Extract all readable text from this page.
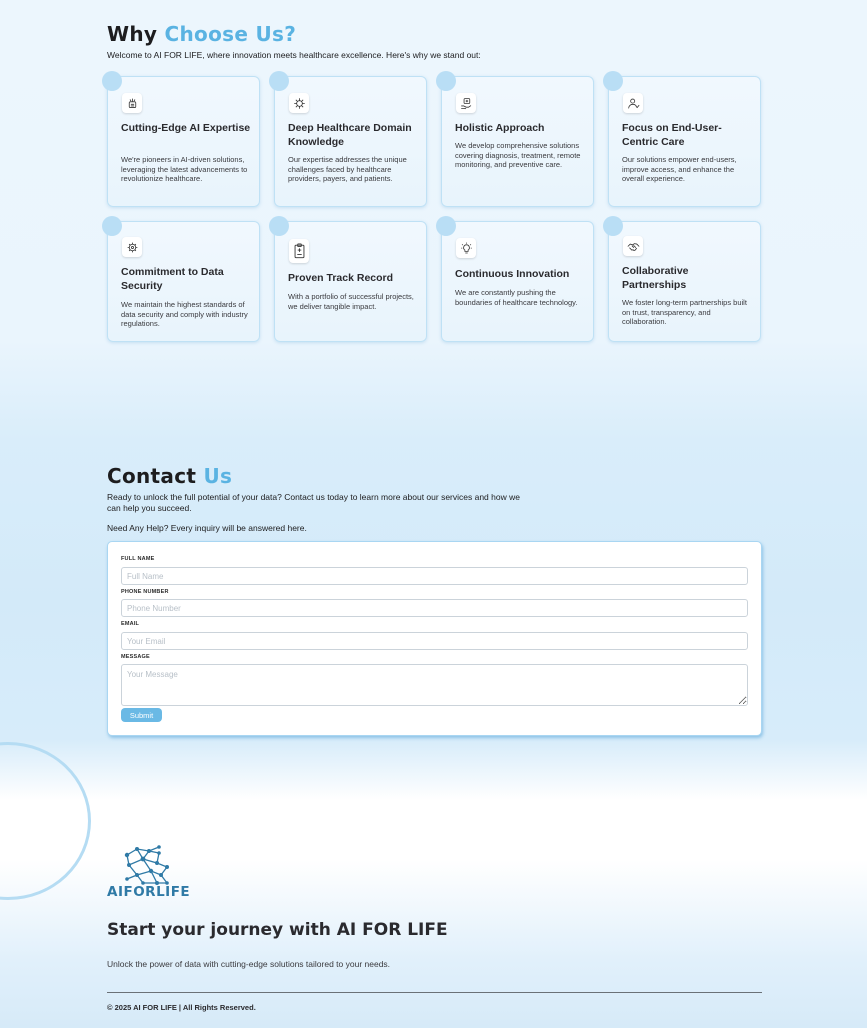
Why Choose Us?

Welcome to AI FOR LIFE, where innovation meets healthcare excellence. Here's why we stand out:

Cutting-Edge AI Expertise
We're pioneers in AI-driven solutions, leveraging the latest advancements to revolutionize healthcare.
Deep Healthcare Domain Knowledge
Our expertise addresses the unique challenges faced by healthcare providers, payers, and patients.
Holistic Approach
We develop comprehensive solutions covering diagnosis, treatment, remote monitoring, and preventive care.
Focus on End-User-Centric Care
Our solutions empower end-users, improve access, and enhance the overall experience.
Commitment to Data Security
We maintain the highest standards of data security and comply with industry regulations.
Proven Track Record
With a portfolio of successful projects, we deliver tangible impact.
Continuous Innovation
We are constantly pushing the boundaries of healthcare technology.
Collaborative Partnerships
We foster long-term partnerships built on trust, transparency, and collaboration.
Contact Us

Ready to unlock the full potential of your data? Contact us today to learn more about our services and how we can help you succeed.

Need Any Help? Every inquiry will be answered here.

FULL NAME
Full Name
PHONE NUMBER
Phone Number
EMAIL
Your Email
MESSAGE
Your Message
Submit
AIFORLIFE
Start your journey with AI FOR LIFE

Unlock the power of data with cutting-edge solutions tailored to your needs.

© 2025 AI FOR LIFE | All Rights Reserved.
